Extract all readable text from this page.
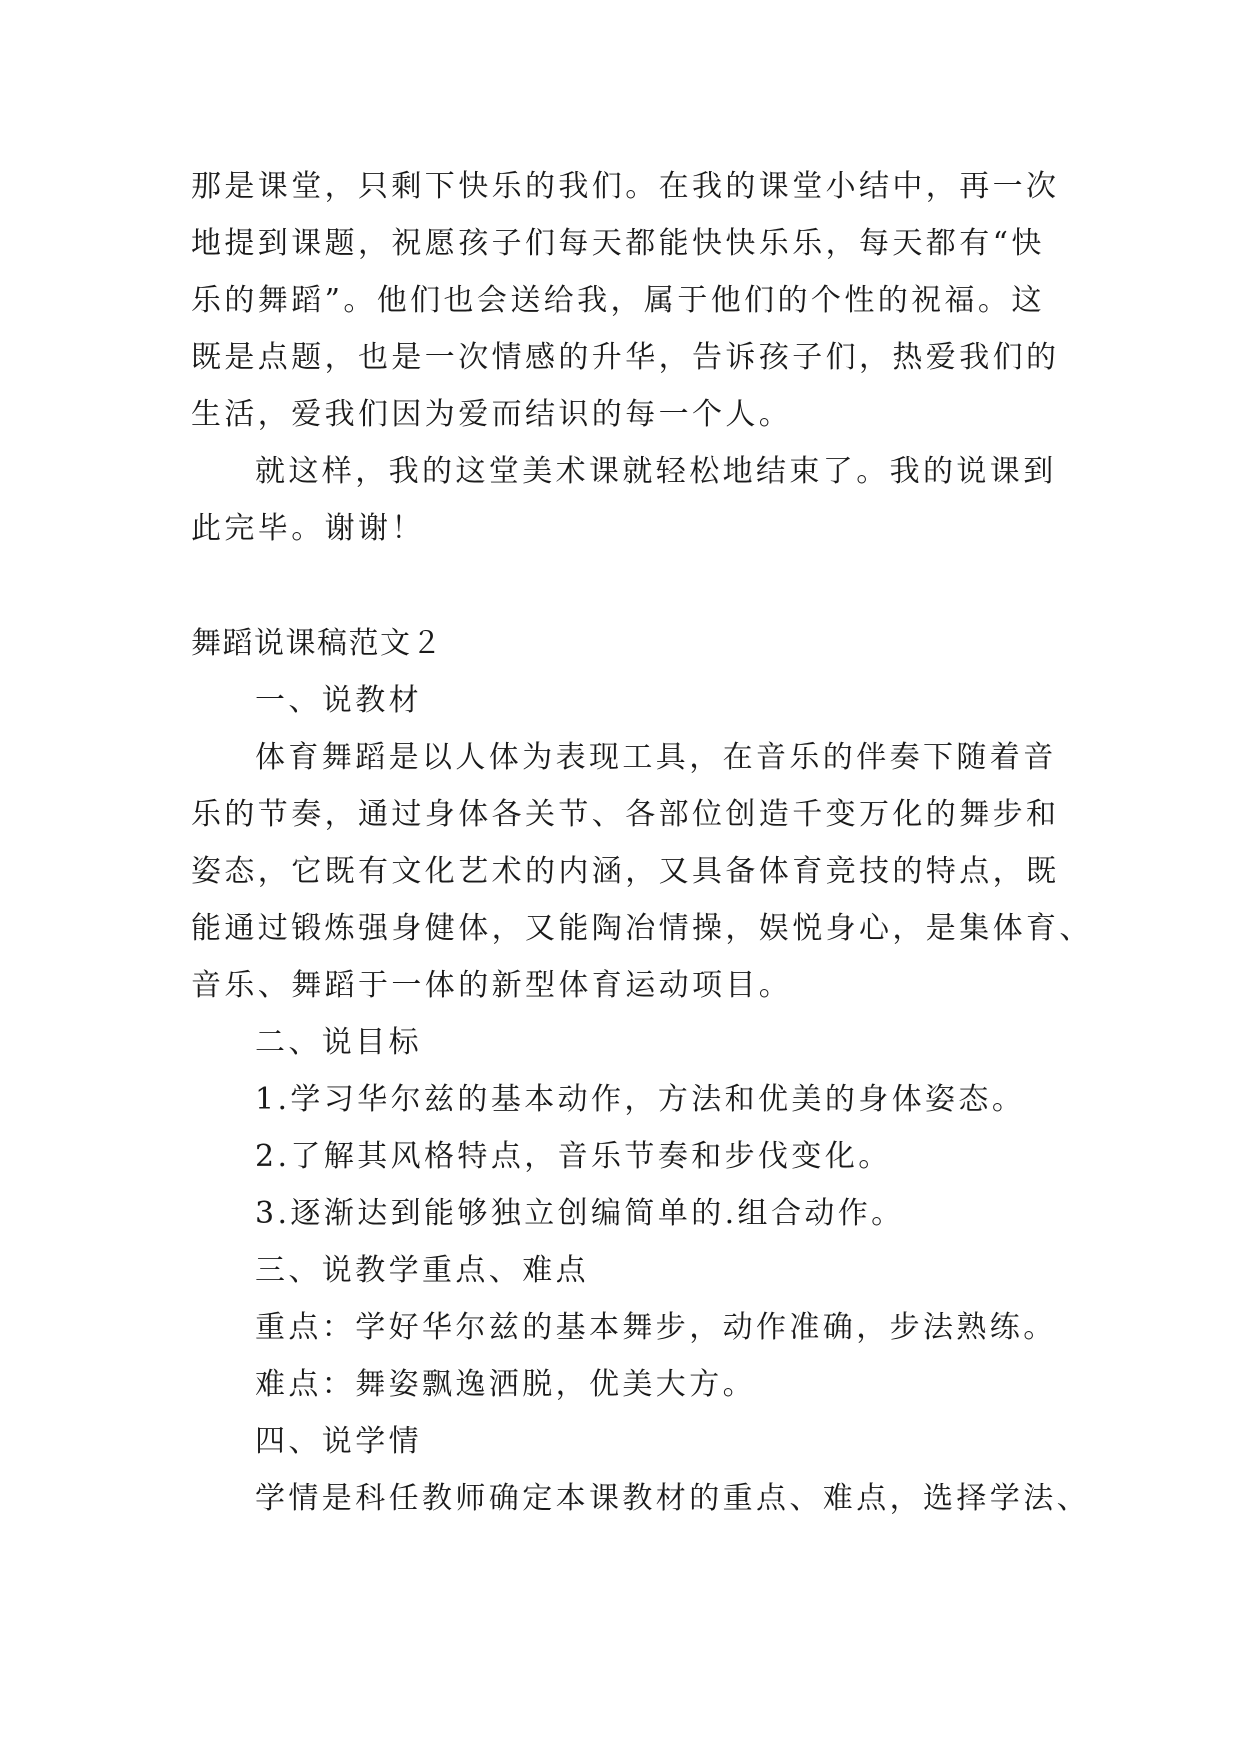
那是课堂，只剩下快乐的我们。在我的课堂小结中，再一次
地提到课题，祝愿孩子们每天都能快快乐乐，每天都有“快
乐的舞蹈”。他们也会送给我，属于他们的个性的祝福。这
既是点题，也是一次情感的升华，告诉孩子们，热爱我们的
生活，爱我们因为爱而结识的每一个人。
就这样，我的这堂美术课就轻松地结束了。我的说课到
此完毕。谢谢！
舞蹈说课稿范文２
一、说教材
体育舞蹈是以人体为表现工具，在音乐的伴奏下随着音
乐的节奏，通过身体各关节、各部位创造千变万化的舞步和
姿态，它既有文化艺术的内涵，又具备体育竞技的特点，既
能通过锻炼强身健体，又能陶冶情操，娱悦身心，是集体育、
音乐、舞蹈于一体的新型体育运动项目。
二、说目标
1.学习华尔兹的基本动作，方法和优美的身体姿态。
2.了解其风格特点，音乐节奏和步伐变化。
3.逐渐达到能够独立创编简单的.组合动作。
三、说教学重点、难点
重点：学好华尔兹的基本舞步，动作准确，步法熟练。
难点：舞姿飘逸洒脱，优美大方。
四、说学情
学情是科任教师确定本课教材的重点、难点，选择学法、
